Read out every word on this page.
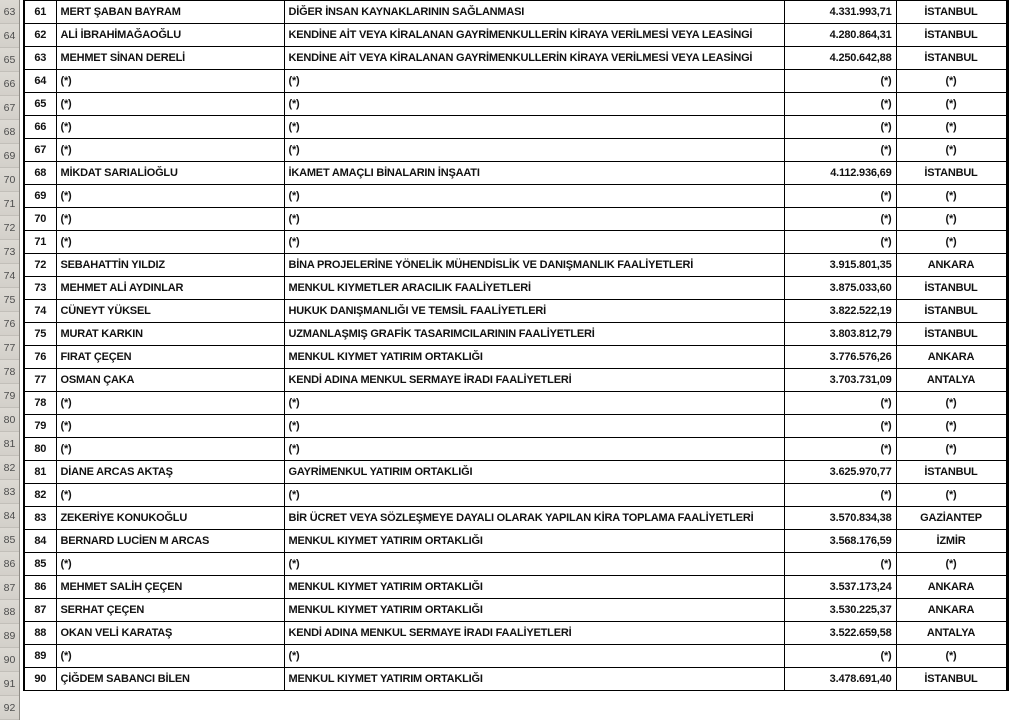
63
64
65
66
67
68
69
70
71
72
73
74
75
76
77
78
79
80
81
82
83
84
85
86
87
88
89
90
91
92
61	MERT ŞABAN BAYRAM	DİĞER İNSAN KAYNAKLARININ SAĞLANMASI	4.331.993,71	İSTANBUL
62	ALİ İBRAHİMAĞAOĞLU	KENDİNE AİT VEYA KİRALANAN GAYRİMENKULLERİN KİRAYA VERİLMESİ VEYA LEASİNGİ	4.280.864,31	İSTANBUL
63	MEHMET SİNAN DERELİ	KENDİNE AİT VEYA KİRALANAN GAYRİMENKULLERİN KİRAYA VERİLMESİ VEYA LEASİNGİ	4.250.642,88	İSTANBUL
64	(*)	(*)	(*)	(*)
65	(*)	(*)	(*)	(*)
66	(*)	(*)	(*)	(*)
67	(*)	(*)	(*)	(*)
68	MİKDAT SARIALİOĞLU	İKAMET AMAÇLI BİNALARIN İNŞAATI	4.112.936,69	İSTANBUL
69	(*)	(*)	(*)	(*)
70	(*)	(*)	(*)	(*)
71	(*)	(*)	(*)	(*)
72	SEBAHATTİN YILDIZ	BİNA PROJELERİNE YÖNELİK MÜHENDİSLİK VE DANIŞMANLIK FAALİYETLERİ	3.915.801,35	ANKARA
73	MEHMET ALİ AYDINLAR	MENKUL KIYMETLER ARACILIK FAALİYETLERİ	3.875.033,60	İSTANBUL
74	CÜNEYT YÜKSEL	HUKUK DANIŞMANLIĞI VE TEMSİL FAALİYETLERİ	3.822.522,19	İSTANBUL
75	MURAT KARKIN	UZMANLAŞMIŞ GRAFİK TASARIMCILARININ FAALİYETLERİ	3.803.812,79	İSTANBUL
76	FIRAT ÇEÇEN	MENKUL KIYMET YATIRIM ORTAKLIĞI	3.776.576,26	ANKARA
77	OSMAN ÇAKA	KENDİ ADINA MENKUL SERMAYE İRADI FAALİYETLERİ	3.703.731,09	ANTALYA
78	(*)	(*)	(*)	(*)
79	(*)	(*)	(*)	(*)
80	(*)	(*)	(*)	(*)
81	DİANE ARCAS AKTAŞ	GAYRİMENKUL YATIRIM ORTAKLIĞI	3.625.970,77	İSTANBUL
82	(*)	(*)	(*)	(*)
83	ZEKERİYE KONUKOĞLU	BİR ÜCRET VEYA SÖZLEŞMEYE DAYALI OLARAK YAPILAN KİRA TOPLAMA FAALİYETLERİ	3.570.834,38	GAZİANTEP
84	BERNARD LUCİEN M ARCAS	MENKUL KIYMET YATIRIM ORTAKLIĞI	3.568.176,59	İZMİR
85	(*)	(*)	(*)	(*)
86	MEHMET SALİH ÇEÇEN	MENKUL KIYMET YATIRIM ORTAKLIĞI	3.537.173,24	ANKARA
87	SERHAT ÇEÇEN	MENKUL KIYMET YATIRIM ORTAKLIĞI	3.530.225,37	ANKARA
88	OKAN VELİ KARATAŞ	KENDİ ADINA MENKUL SERMAYE İRADI FAALİYETLERİ	3.522.659,58	ANTALYA
89	(*)	(*)	(*)	(*)
90	ÇİĞDEM SABANCI BİLEN	MENKUL KIYMET YATIRIM ORTAKLIĞI	3.478.691,40	İSTANBUL
